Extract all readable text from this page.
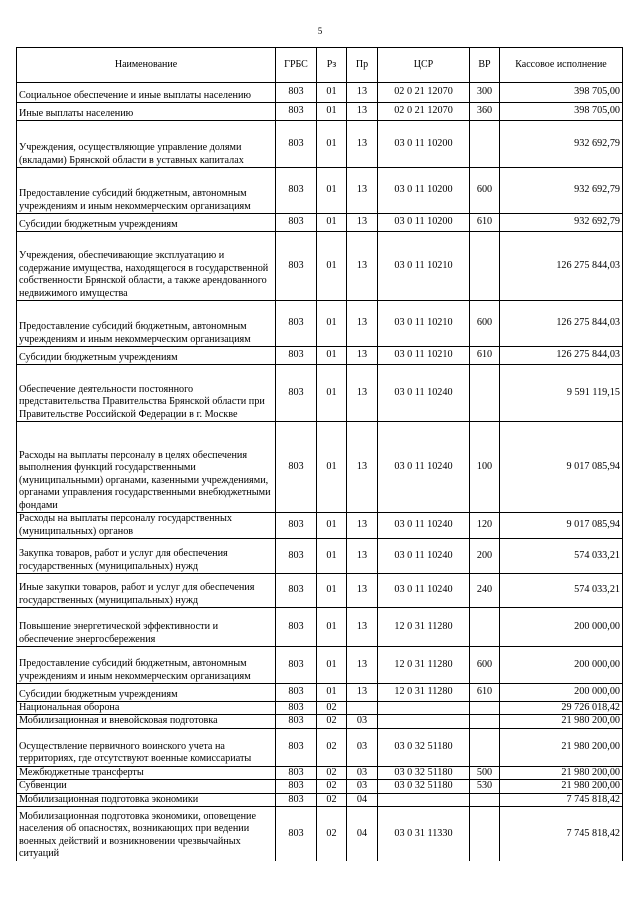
5
Наименование	ГРБС	Рз	Пр	ЦСР	ВР	Кассовое исполнение
Социальное обеспечение и иные выплаты населению	803	01	13	02 0 21 12070	300	398 705,00
Иные выплаты населению	803	01	13	02 0 21 12070	360	398 705,00
Учреждения, осуществляющие управление долями (вкладами) Брянской области в уставных капиталах	803	01	13	03 0 11 10200		932 692,79
Предоставление субсидий бюджетным, автономным учреждениям и иным некоммерческим организациям	803	01	13	03 0 11 10200	600	932 692,79
Субсидии бюджетным учреждениям	803	01	13	03 0 11 10200	610	932 692,79
Учреждения, обеспечивающие эксплуатацию и содержание имущества, находящегося в государственной собственности Брянской области, а также арендованного недвижимого имущества	803	01	13	03 0 11 10210		126 275 844,03
Предоставление субсидий бюджетным, автономным учреждениям и иным некоммерческим организациям	803	01	13	03 0 11 10210	600	126 275 844,03
Субсидии бюджетным учреждениям	803	01	13	03 0 11 10210	610	126 275 844,03
Обеспечение деятельности постоянного представительства Правительства Брянской области при Правительстве Российской Федерации в г. Москве	803	01	13	03 0 11 10240		9 591 119,15
Расходы на выплаты персоналу в целях обеспечения выполнения функций государственными (муниципальными) органами, казенными учреждениями, органами управления государственными внебюджетными фондами	803	01	13	03 0 11 10240	100	9 017 085,94
Расходы на выплаты персоналу государственных (муниципальных) органов	803	01	13	03 0 11 10240	120	9 017 085,94
Закупка товаров, работ и услуг для обеспечения государственных (муниципальных) нужд	803	01	13	03 0 11 10240	200	574 033,21
Иные закупки товаров, работ и услуг для обеспечения государственных (муниципальных) нужд	803	01	13	03 0 11 10240	240	574 033,21
Повышение энергетической эффективности и обеспечение энергосбережения	803	01	13	12 0 31 11280		200 000,00
Предоставление субсидий бюджетным, автономным учреждениям и иным некоммерческим организациям	803	01	13	12 0 31 11280	600	200 000,00
Субсидии бюджетным учреждениям	803	01	13	12 0 31 11280	610	200 000,00
Национальная оборона	803	02				29 726 018,42
Мобилизационная и вневойсковая подготовка	803	02	03			21 980 200,00
Осуществление первичного воинского учета на территориях, где отсутствуют военные комиссариаты	803	02	03	03 0 32 51180		21 980 200,00
Межбюджетные трансферты	803	02	03	03 0 32 51180	500	21 980 200,00
Субвенции	803	02	03	03 0 32 51180	530	21 980 200,00
Мобилизационная подготовка экономики	803	02	04			7 745 818,42
Мобилизационная подготовка экономики, оповещение населения об опасностях, возникающих при ведении военных действий и возникновении чрезвычайных ситуаций	803	02	04	03 0 31 11330		7 745 818,42
